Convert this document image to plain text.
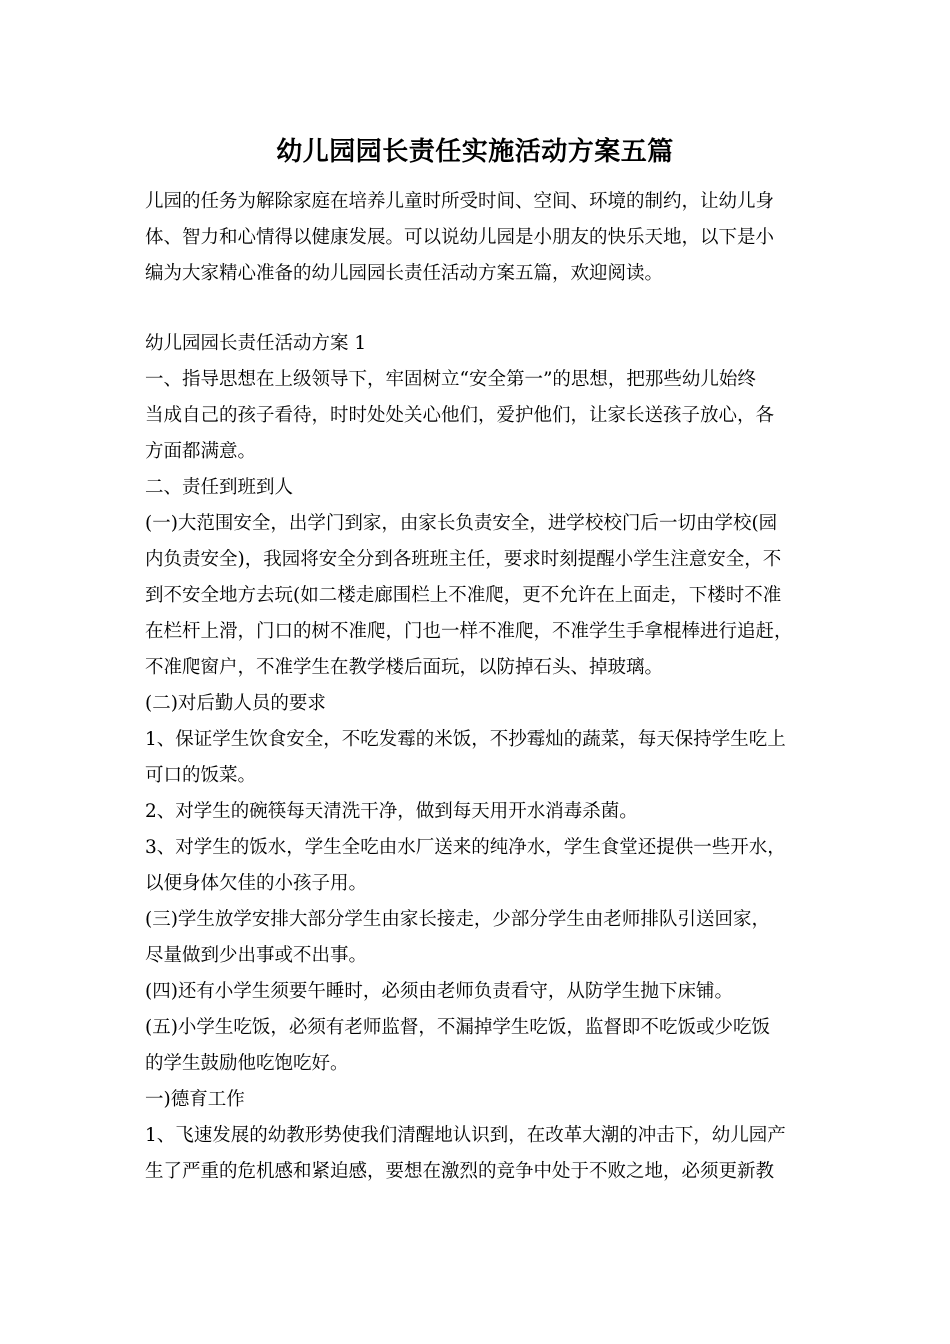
幼儿园园长责任实施活动方案五篇
儿园的任务为解除家庭在培养儿童时所受时间、空间、环境的制约，让幼儿身
体、智力和心情得以健康发展。可以说幼儿园是小朋友的快乐天地，以下是小
编为大家精心准备的幼儿园园长责任活动方案五篇，欢迎阅读。
幼儿园园长责任活动方案 1
一、指导思想在上级领导下，牢固树立“安全第一”的思想，把那些幼儿始终
当成自己的孩子看待，时时处处关心他们，爱护他们，让家长送孩子放心，各
方面都满意。
二、责任到班到人
(一)大范围安全，出学门到家，由家长负责安全，进学校校门后一切由学校(园
内负责安全)，我园将安全分到各班班主任，要求时刻提醒小学生注意安全，不
到不安全地方去玩(如二楼走廊围栏上不准爬，更不允许在上面走，下楼时不准
在栏杆上滑，门口的树不准爬，门也一样不准爬，不准学生手拿棍棒进行追赶，
不准爬窗户，不准学生在教学楼后面玩，以防掉石头、掉玻璃。
(二)对后勤人员的要求
1、保证学生饮食安全，不吃发霉的米饭，不抄霉灿的蔬菜，每天保持学生吃上
可口的饭菜。
2、对学生的碗筷每天清洗干净，做到每天用开水消毒杀菌。
3、对学生的饭水，学生全吃由水厂送来的纯净水，学生食堂还提供一些开水，
以便身体欠佳的小孩子用。
(三)学生放学安排大部分学生由家长接走，少部分学生由老师排队引送回家，
尽量做到少出事或不出事。
(四)还有小学生须要午睡时，必须由老师负责看守，从防学生抛下床铺。
(五)小学生吃饭，必须有老师监督，不漏掉学生吃饭，监督即不吃饭或少吃饭
的学生鼓励他吃饱吃好。
一)德育工作
1、飞速发展的幼教形势使我们清醒地认识到，在改革大潮的冲击下，幼儿园产
生了严重的危机感和紧迫感，要想在激烈的竞争中处于不败之地，必须更新教
